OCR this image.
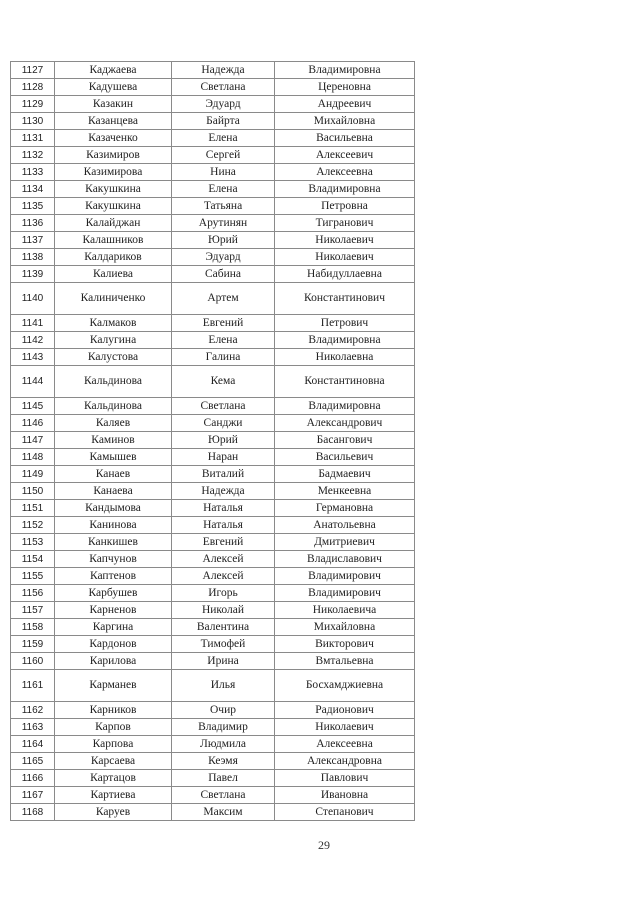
1127	Каджаева	Надежда	Владимировна
1128	Кадушева	Светлана	Цереновна
1129	Казакин	Эдуард	Андреевич
1130	Казанцева	Байрта	Михайловна
1131	Казаченко	Елена	Васильевна
1132	Казимиров	Сергей	Алексеевич
1133	Казимирова	Нина	Алексеевна
1134	Какушкина	Елена	Владимировна
1135	Какушкина	Татьяна	Петровна
1136	Калайджан	Арутинян	Тигранович
1137	Калашников	Юрий	Николаевич
1138	Калдариков	Эдуард	Николаевич
1139	Калиева	Сабина	Набидуллаевна
1140	Калиниченко	Артем	Константинович
1141	Калмаков	Евгений	Петрович
1142	Калугина	Елена	Владимировна
1143	Калустова	Галина	Николаевна
1144	Кальдинова	Кема	Константиновна
1145	Кальдинова	Светлана	Владимировна
1146	Каляев	Санджи	Александрович
1147	Каминов	Юрий	Басангович
1148	Камышев	Наран	Васильевич
1149	Канаев	Виталий	Бадмаевич
1150	Канаева	Надежда	Менкеевна
1151	Кандымова	Наталья	Германовна
1152	Канинова	Наталья	Анатольевна
1153	Канкишев	Евгений	Дмитриевич
1154	Капчунов	Алексей	Владиславович
1155	Каптенов	Алексей	Владимирович
1156	Карбушев	Игорь	Владимирович
1157	Карненов	Николай	Николаевича
1158	Каргина	Валентина	Михайловна
1159	Кардонов	Тимофей	Викторович
1160	Карилова	Ирина	Вмтальевна
1161	Карманев	Илья	Босхамджиевна
1162	Карников	Очир	Радионович
1163	Карпов	Владимир	Николаевич
1164	Карпова	Людмила	Алексеевна
1165	Карсаева	Кеэмя	Александровна
1166	Картацов	Павел	Павлович
1167	Картиева	Светлана	Ивановна
1168	Каруев	Максим	Степанович
29
